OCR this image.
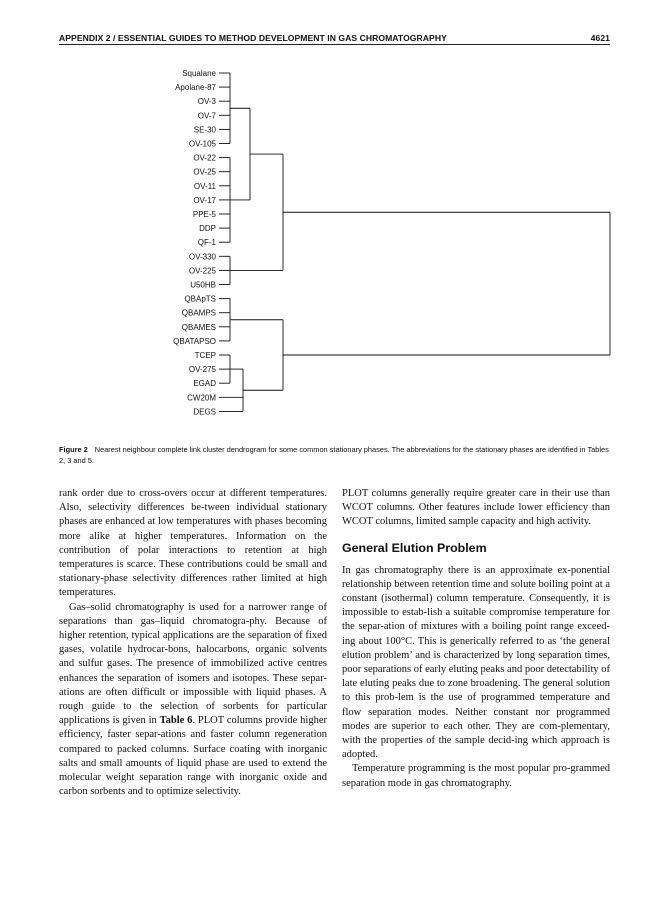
APPENDIX 2 / ESSENTIAL GUIDES TO METHOD DEVELOPMENT IN GAS CHROMATOGRAPHY	4621
Squalane
Apolane-87
OV-3
OV-7
SE-30
OV-105
OV-22
OV-25
OV-11
OV-17
PPE-5
DDP
QF-1
OV-330
OV-225
U50HB
QBApTS
QBAMPS
QBAMES
QBATAPSO
TCEP
OV-275
EGAD
CW20M
DEGS
Figure 2 Nearest neighbour complete link cluster dendrogram for some common stationary phases. The abbreviations for the stationary phases are identified in Tables 2, 3 and 5.

rank order due to cross-overs occur at different temperatures. Also, selectivity differences be-tween individual stationary phases are enhanced at low temperatures with phases becoming more alike at higher temperatures. Information on the contribution of polar interactions to retention at high temperatures is scarce. These contributions could be small and stationary-phase selectivity differences rather limited at high temperatures.

Gas–solid chromatography is used for a narrower range of separations than gas–liquid chromatogra-phy. Because of higher retention, typical applications are the separation of fixed gases, volatile hydrocar-bons, halocarbons, organic solvents and sulfur gases. The presence of immobilized active centres enhances the separation of isomers and isotopes. These separ-ations are often difficult or impossible with liquid phases. A rough guide to the selection of sorbents for particular applications is given in Table 6. PLOT columns provide higher efficiency, faster separ-ations and faster column regeneration compared to packed columns. Surface coating with inorganic salts and small amounts of liquid phase are used to extend the molecular weight separation range with inorganic oxide and carbon sorbents and to optimize selectivity.

PLOT columns generally require greater care in their use than WCOT columns. Other features include lower efficiency than WCOT columns, limited sample capacity and high activity.

General Elution Problem

In gas chromatography there is an approximate ex-ponential relationship between retention time and solute boiling point at a constant (isothermal) column temperature. Consequently, it is impossible to estab-lish a suitable compromise temperature for the separ-ation of mixtures with a boiling point range exceed-ing about 100°C. This is generically referred to as ‘the general elution problem’ and is characterized by long separation times, poor separations of early eluting peaks and poor detectability of late eluting peaks due to zone broadening. The general solution to this prob-lem is the use of programmed temperature and flow separation modes. Neither constant nor programmed modes are superior to each other. They are com-plementary, with the properties of the sample decid-ing which approach is adopted.

Temperature programming is the most popular pro-grammed separation mode in gas chromatography.
